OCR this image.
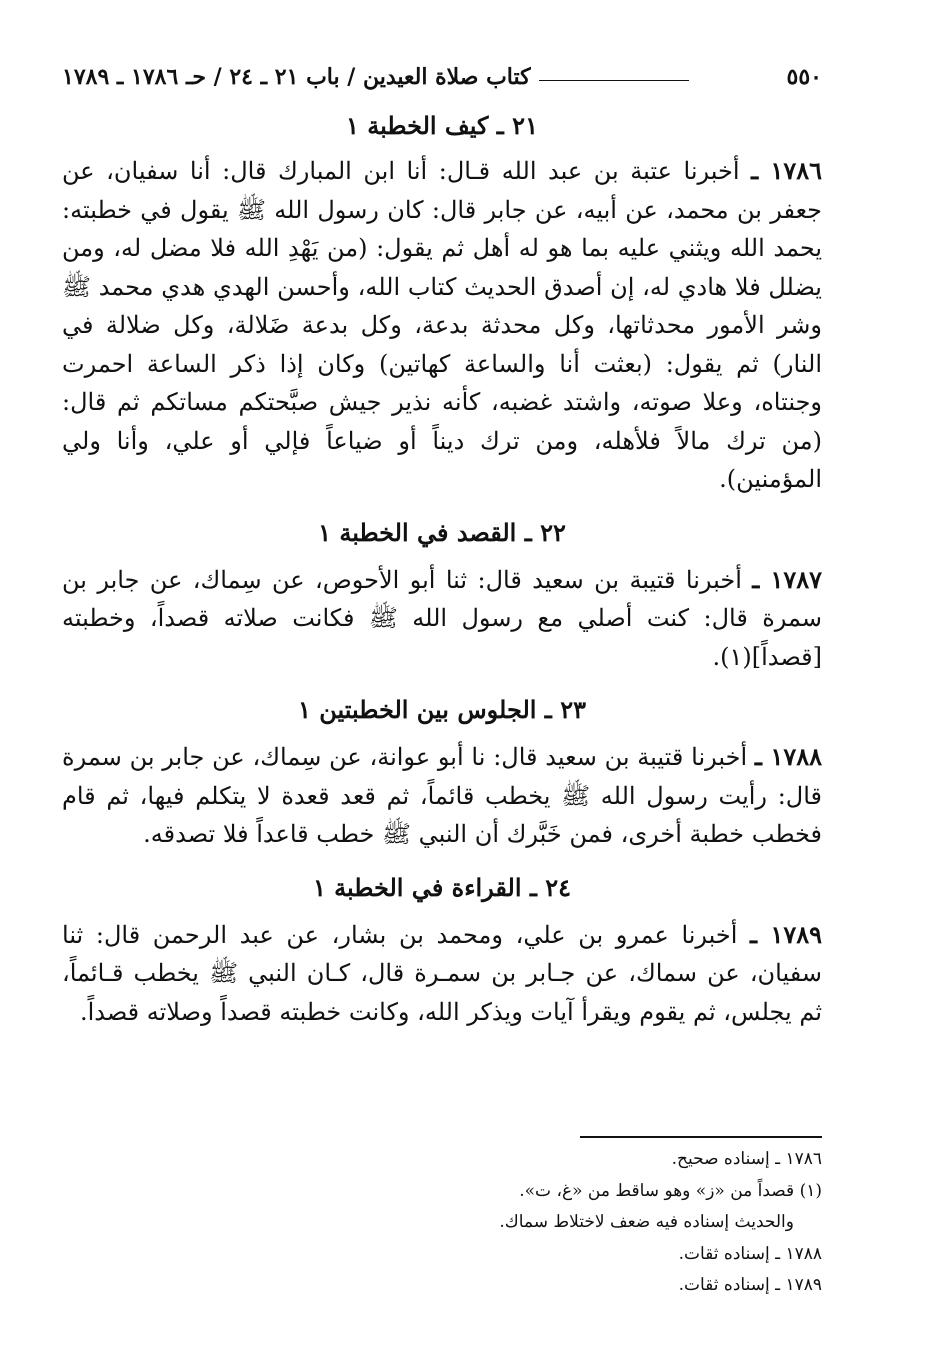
٥٥٠
كتاب صلاة العيدين / باب ٢١ ـ ٢٤ / حـ ١٧٨٦ ـ ١٧٨٩
٢١ ـ كيف الخطبة ١

١٧٨٦ ـ أخبرنا عتبة بن عبد الله قـال: أنا ابن المبارك قال: أنا سفيان، عن جعفر بن محمد، عن أبيه، عن جابر قال: كان رسول الله ﷺ يقول في خطبته: يحمد الله ويثني عليه بما هو له أهل ثم يقول: (من يَهْدِ الله فلا مضل له، ومن يضلل فلا هادي له، إن أصدق الحديث كتاب الله، وأحسن الهدي هدي محمد ﷺ وشر الأمور محدثاتها، وكل محدثة بدعة، وكل بدعة ضَلالة، وكل ضلالة في النار) ثم يقول: (بعثت أنا والساعة كهاتين) وكان إذا ذكر الساعة احمرت وجنتاه، وعلا صوته، واشتد غضبه، كأنه نذير جيش صبَّحتكم مساتكم ثم قال: (من ترك مالاً فلأهله، ومن ترك ديناً أو ضياعاً فإلي أو علي، وأنا ولي المؤمنين).

٢٢ ـ القصد في الخطبة ١

١٧٨٧ ـ أخبرنا قتيبة بن سعيد قال: ثنا أبو الأحوص، عن سِماك، عن جابر بن سمرة قال: كنت أصلي مع رسول الله ﷺ فكانت صلاته قصداً، وخطبته [قصداً](١).

٢٣ ـ الجلوس بين الخطبتين ١

١٧٨٨ ـ أخبرنا قتيبة بن سعيد قال: نا أبو عوانة، عن سِماك، عن جابر بن سمرة قال: رأيت رسول الله ﷺ يخطب قائماً، ثم قعد قعدة لا يتكلم فيها، ثم قام فخطب خطبة أخرى، فمن خَبَّرك أن النبي ﷺ خطب قاعداً فلا تصدقه.

٢٤ ـ القراءة في الخطبة ١

١٧٨٩ ـ أخبرنا عمرو بن علي، ومحمد بن بشار، عن عبد الرحمن قال: ثنا سفيان، عن سماك، عن جـابر بن سمـرة قال، كـان النبي ﷺ يخطب قـائماً، ثم يجلس، ثم يقوم ويقرأ آيات ويذكر الله، وكانت خطبته قصداً وصلاته قصداً.

١٧٨٦ ـ إسناده صحيح.

(١) قصداً من «ز» وهو ساقط من «غ، ت».

والحديث إسناده فيه ضعف لاختلاط سماك.

١٧٨٨ ـ إسناده ثقات.

١٧٨٩ ـ إسناده ثقات.
